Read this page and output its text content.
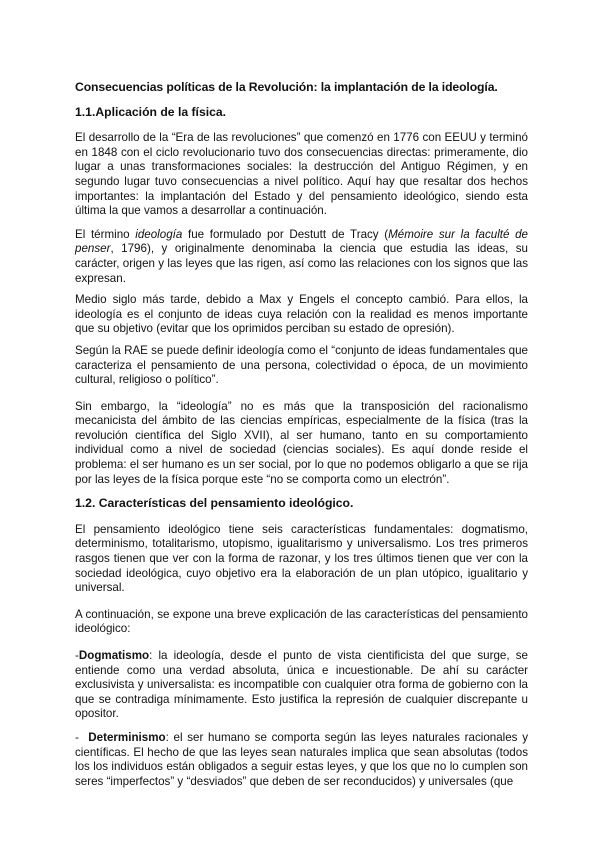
Consecuencias políticas de la Revolución: la implantación de la ideología.
1.1.Aplicación de la física.

El desarrollo de la “Era de las revoluciones” que comenzó en 1776 con EEUU y terminó en 1848 con el ciclo revolucionario tuvo dos consecuencias directas: primeramente, dio lugar a unas transformaciones sociales: la destrucción del Antiguo Régimen, y en segundo lugar tuvo consecuencias a nivel político. Aquí hay que resaltar dos hechos importantes: la implantación del Estado y del pensamiento ideológico, siendo esta última la que vamos a desarrollar a continuación.

El término ideología fue formulado por Destutt de Tracy (Mémoire sur la faculté de penser, 1796), y originalmente denominaba la ciencia que estudia las ideas, su carácter, origen y las leyes que las rigen, así como las relaciones con los signos que las expresan.

Medio siglo más tarde, debido a Max y Engels el concepto cambió. Para ellos, la ideología es el conjunto de ideas cuya relación con la realidad es menos importante que su objetivo (evitar que los oprimidos perciban su estado de opresión).

Según la RAE se puede definir ideología como el “conjunto de ideas fundamentales que caracteriza el pensamiento de una persona, colectividad o época, de un movimiento cultural, religioso o político”.

Sin embargo, la “ideología” no es más que la transposición del racionalismo mecanicista del ámbito de las ciencias empíricas, especialmente de la física (tras la revolución científica del Siglo XVII), al ser humano, tanto en su comportamiento individual como a nivel de sociedad (ciencias sociales). Es aquí donde reside el problema: el ser humano es un ser social, por lo que no podemos obligarlo a que se rija por las leyes de la física porque este “no se comporta como un electrón”.

1.2. Características del pensamiento ideológico.

El pensamiento ideológico tiene seis características fundamentales: dogmatismo, determinismo, totalitarismo, utopismo, igualitarismo y universalismo. Los tres primeros rasgos tienen que ver con la forma de razonar, y los tres últimos tienen que ver con la sociedad ideológica, cuyo objetivo era la elaboración de un plan utópico, igualitario y universal.

A continuación, se expone una breve explicación de las características del pensamiento ideológico:

-Dogmatismo: la ideología, desde el punto de vista cientificista del que surge, se entiende como una verdad absoluta, única e incuestionable. De ahí su carácter exclusivista y universalista: es incompatible con cualquier otra forma de gobierno con la que se contradiga mínimamente. Esto justifica la represión de cualquier discrepante u opositor.

-  Determinismo: el ser humano se comporta según las leyes naturales racionales y científicas. El hecho de que las leyes sean naturales implica que sean absolutas (todos los los individuos están obligados a seguir estas leyes, y que los que no lo cumplen son seres “imperfectos” y “desviados” que deben de ser reconducidos) y universales (que
